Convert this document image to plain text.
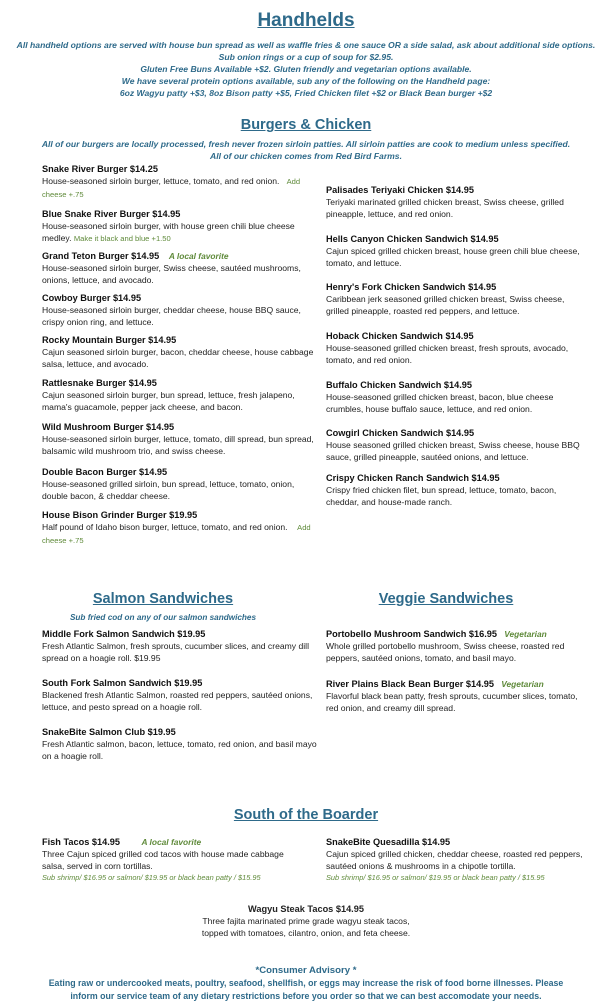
Handhelds
All handheld options are served with house bun spread as well as waffle fries & one sauce OR a side salad, ask about additional side options.
Sub onion rings or a cup of soup for $2.95.
Gluten Free Buns Available +$2. Gluten friendly and vegetarian options available.
We have several protein options available, sub any of the following on the Handheld page:
6oz Wagyu patty +$3, 8oz Bison patty +$5, Fried Chicken filet +$2 or Black Bean burger +$2
Burgers & Chicken
All of our burgers are locally processed, fresh never frozen sirloin patties. All sirloin patties are cook to medium unless specified.
All of our chicken comes from Red Bird Farms.
Snake River Burger $14.25
House-seasoned sirloin burger, lettuce, tomato, and red onion. Add cheese +.75
Blue Snake River Burger $14.95
House-seasoned sirloin burger, with house green chili blue cheese medley. Make it black and blue +1.50
Grand Teton Burger $14.95 A local favorite
House-seasoned sirloin burger, Swiss cheese, sautéed mushrooms, onions, lettuce, and avocado.
Cowboy Burger $14.95
House-seasoned sirloin burger, cheddar cheese, house BBQ sauce, crispy onion ring, and lettuce.
Rocky Mountain Burger $14.95
Cajun seasoned sirloin burger, bacon, cheddar cheese, house cabbage salsa, lettuce, and avocado.
Rattlesnake Burger $14.95
Cajun seasoned sirloin burger, bun spread, lettuce, fresh jalapeno, mama's guacamole, pepper jack cheese, and bacon.
Wild Mushroom Burger $14.95
House-seasoned sirloin burger, lettuce, tomato, dill spread, bun spread, balsamic wild mushroom trio, and swiss cheese.
Double Bacon Burger $14.95
House-seasoned grilled sirloin, bun spread, lettuce, tomato, onion, double bacon, & cheddar cheese.
House Bison Grinder Burger $19.95
Half pound of Idaho bison burger, lettuce, tomato, and red onion. Add cheese +.75
Palisades Teriyaki Chicken $14.95
Teriyaki marinated grilled chicken breast, Swiss cheese, grilled pineapple, lettuce, and red onion.
Hells Canyon Chicken Sandwich $14.95
Cajun spiced grilled chicken breast, house green chili blue cheese, tomato, and lettuce.
Henry's Fork Chicken Sandwich $14.95
Caribbean jerk seasoned grilled chicken breast, Swiss cheese, grilled pineapple, roasted red peppers, and lettuce.
Hoback Chicken Sandwich $14.95
House-seasoned grilled chicken breast, fresh sprouts, avocado, tomato, and red onion.
Buffalo Chicken Sandwich $14.95
House-seasoned grilled chicken breast, bacon, blue cheese crumbles, house buffalo sauce, lettuce, and red onion.
Cowgirl Chicken Sandwich $14.95
House seasoned grilled chicken breast, Swiss cheese, house BBQ sauce, grilled pineapple, sautéed onions, and lettuce.
Crispy Chicken Ranch Sandwich $14.95
Crispy fried chicken filet, bun spread, lettuce, tomato, bacon, cheddar, and house-made ranch.
Salmon Sandwiches
Sub fried cod on any of our salmon sandwiches
Middle Fork Salmon Sandwich $19.95
Fresh Atlantic Salmon, fresh sprouts, cucumber slices, and creamy dill spread on a hoagie roll. $19.95
South Fork Salmon Sandwich $19.95
Blackened fresh Atlantic Salmon, roasted red peppers, sautéed onions, lettuce, and pesto spread on a hoagie roll.
SnakeBite Salmon Club $19.95
Fresh Atlantic salmon, bacon, lettuce, tomato, red onion, and basil mayo on a hoagie roll.
Veggie Sandwiches
Portobello Mushroom Sandwich $16.95 Vegetarian
Whole grilled portobello mushroom, Swiss cheese, roasted red peppers, sautéed onions, tomato, and basil mayo.
River Plains Black Bean Burger $14.95 Vegetarian
Flavorful black bean patty, fresh sprouts, cucumber slices, tomato, red onion, and creamy dill spread.
South of the Boarder
Fish Tacos $14.95	A local favorite
Three Cajun spiced grilled cod tacos with house made cabbage salsa, served in corn tortillas.
Sub shrimp/ $16.95 or salmon/ $19.95 or black bean patty / $15.95
SnakeBite Quesadilla $14.95
Cajun spiced grilled chicken, cheddar cheese, roasted red peppers, sautéed onions & mushrooms in a chipotle tortilla.
Sub shrimp/ $16.95 or salmon/ $19.95 or black bean patty / $15.95
Wagyu Steak Tacos $14.95
Three fajita marinated prime grade wagyu steak tacos,
topped with tomatoes, cilantro, onion, and feta cheese.
*Consumer Advisory *
Eating raw or undercooked meats, poultry, seafood, shellfish, or eggs may increase the risk of food borne illnesses. Please
inform our service team of any dietary restrictions before you order so that we can best accomodate your needs.
